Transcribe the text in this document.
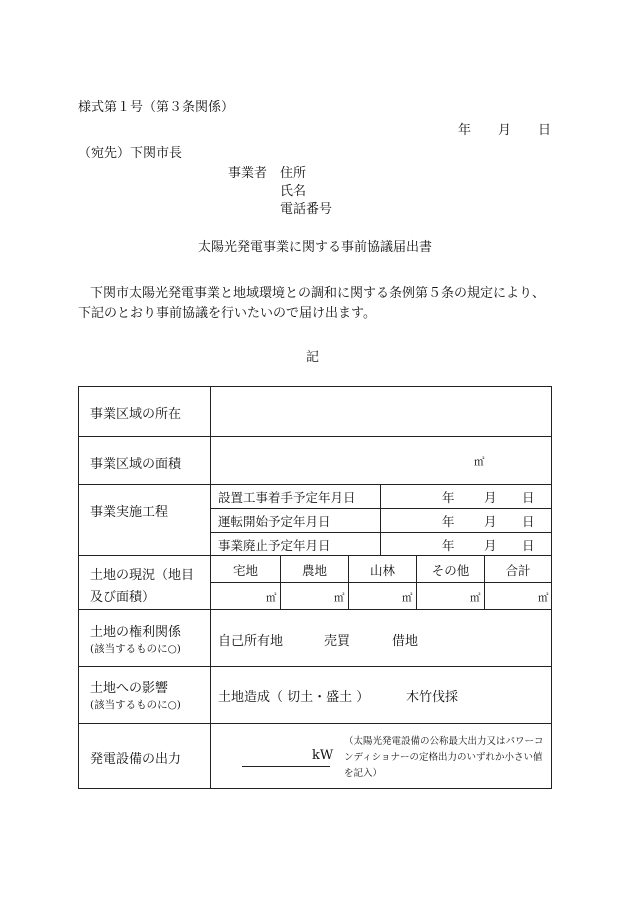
様式第１号（第３条関係）
年 月 日
（宛先）下関市長
事業者 住所
氏名
電話番号
太陽光発電事業に関する事前協議届出書
下関市太陽光発電事業と地域環境との調和に関する条例第５条の規定により、
下記のとおり事前協議を行いたいので届け出ます。
記
事業区域の所在
事業区域の面積	㎡
事業実施工程
設置工事着手予定年月日	年 月 日
運転開始予定年月日	年 月 日
事業廃止予定年月日	年 月 日
土地の現況（地目
及び面積）
宅地	農地	山林	その他	合計
㎡	㎡	㎡	㎡	㎡
土地の権利関係
(該当するものに○)	自己所有地	売買	借地
土地への影響
(該当するものに○)	土地造成（ 切土・盛土 ）	木竹伐採
発電設備の出力	kW
（太陽光発電設備の公称最大出力又はパワーコンディショナーの定格出力のいずれか小さい値を記入）
